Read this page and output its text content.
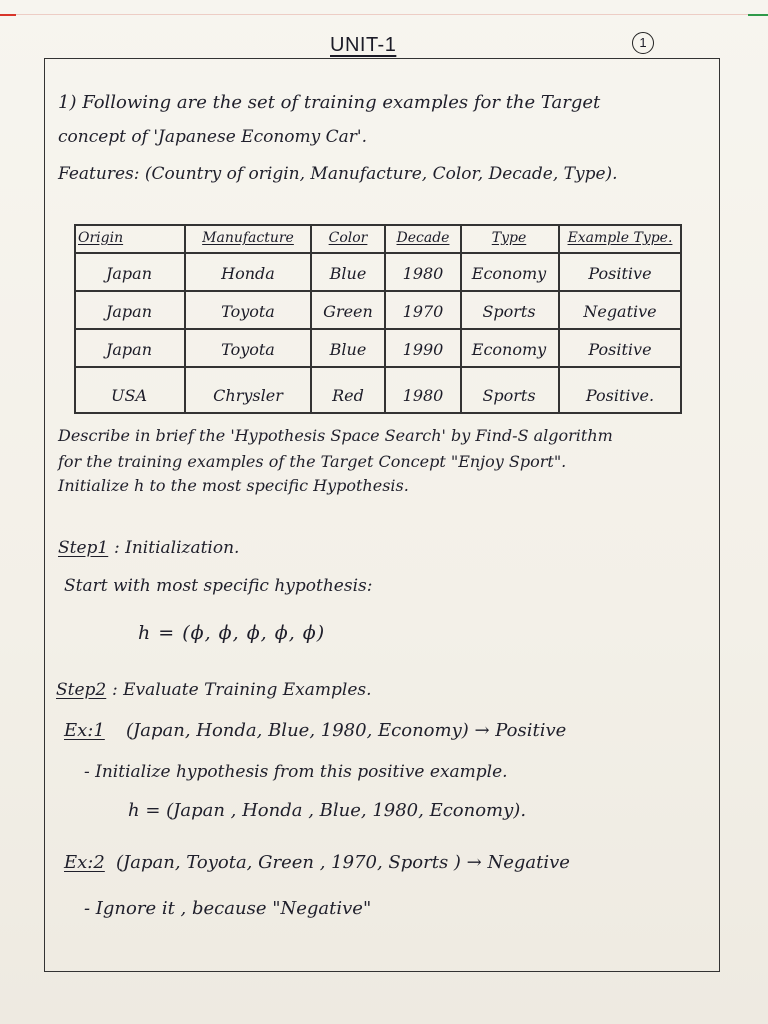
UNIT-1	1
1) Following are the set of training examples for the Target
concept of 'Japanese Economy Car'.
Features: (Country of origin, Manufacture, Color, Decade, Type).
Origin	Manufacture	Color	Decade	Type	Example Type.
Japan	Honda	Blue	1980	Economy	Positive
Japan	Toyota	Green	1970	Sports	Negative
Japan	Toyota	Blue	1990	Economy	Positive
USA	Chrysler	Red	1980	Sports	Positive.
Describe in brief the 'Hypothesis Space Search' by Find-S algorithm
for the training examples of the Target Concept "Enjoy Sport".
Initialize h to the most specific Hypothesis.
Step1 : Initialization.
Start with most specific hypothesis:
h = (ϕ, ϕ, ϕ, ϕ, ϕ)
Step2 : Evaluate Training Examples.
Ex:1 (Japan, Honda, Blue, 1980, Economy) → Positive
- Initialize hypothesis from this positive example.
h = (Japan , Honda , Blue, 1980, Economy).
Ex:2 (Japan, Toyota, Green , 1970, Sports ) → Negative
- Ignore it , because "Negative"
